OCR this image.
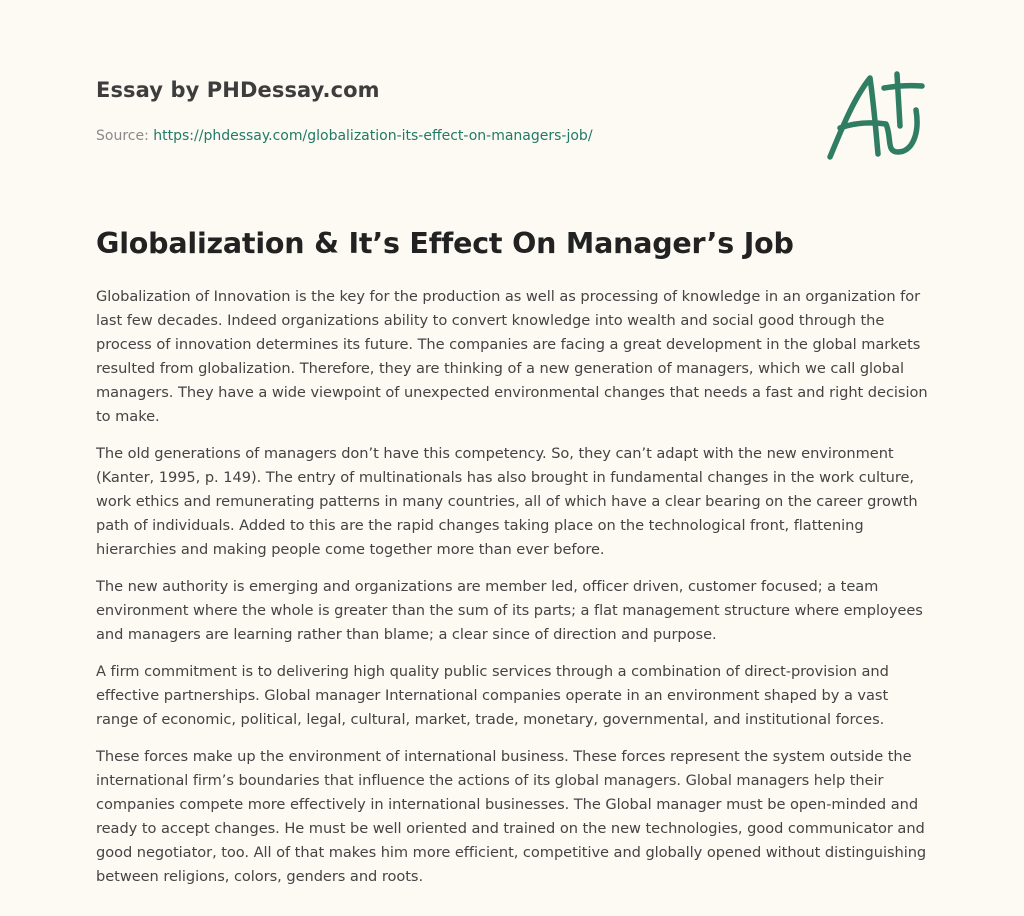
Essay by PHDessay.com
Source: https://phdessay.com/globalization-its-effect-on-managers-job/
Globalization & It’s Effect On Manager’s Job

Globalization of Innovation is the key for the production as well as processing of knowledge in an organization for last few decades. Indeed organizations ability to convert knowledge into wealth and social good through the process of innovation determines its future. The companies are facing a great development in the global markets resulted from globalization. Therefore, they are thinking of a new generation of managers, which we call global managers. They have a wide viewpoint of unexpected environmental changes that needs a fast and right decision to make.

The old generations of managers don’t have this competency. So, they can’t adapt with the new environment (Kanter, 1995, p. 149). The entry of multinationals has also brought in fundamental changes in the work culture, work ethics and remunerating patterns in many countries, all of which have a clear bearing on the career growth path of individuals. Added to this are the rapid changes taking place on the technological front, flattening hierarchies and making people come together more than ever before.

The new authority is emerging and organizations are member led, officer driven, customer focused; a team environment where the whole is greater than the sum of its parts; a flat management structure where employees and managers are learning rather than blame; a clear since of direction and purpose.

A firm commitment is to delivering high quality public services through a combination of direct-provision and effective partnerships. Global manager International companies operate in an environment shaped by a vast range of economic, political, legal, cultural, market, trade, monetary, governmental, and institutional forces.

These forces make up the environment of international business. These forces represent the system outside the international firm’s boundaries that influence the actions of its global managers. Global managers help their companies compete more effectively in international businesses. The Global manager must be open-minded and ready to accept changes. He must be well oriented and trained on the new technologies, good communicator and good negotiator, too. All of that makes him more efficient, competitive and globally opened without distinguishing between religions, colors, genders and roots.
